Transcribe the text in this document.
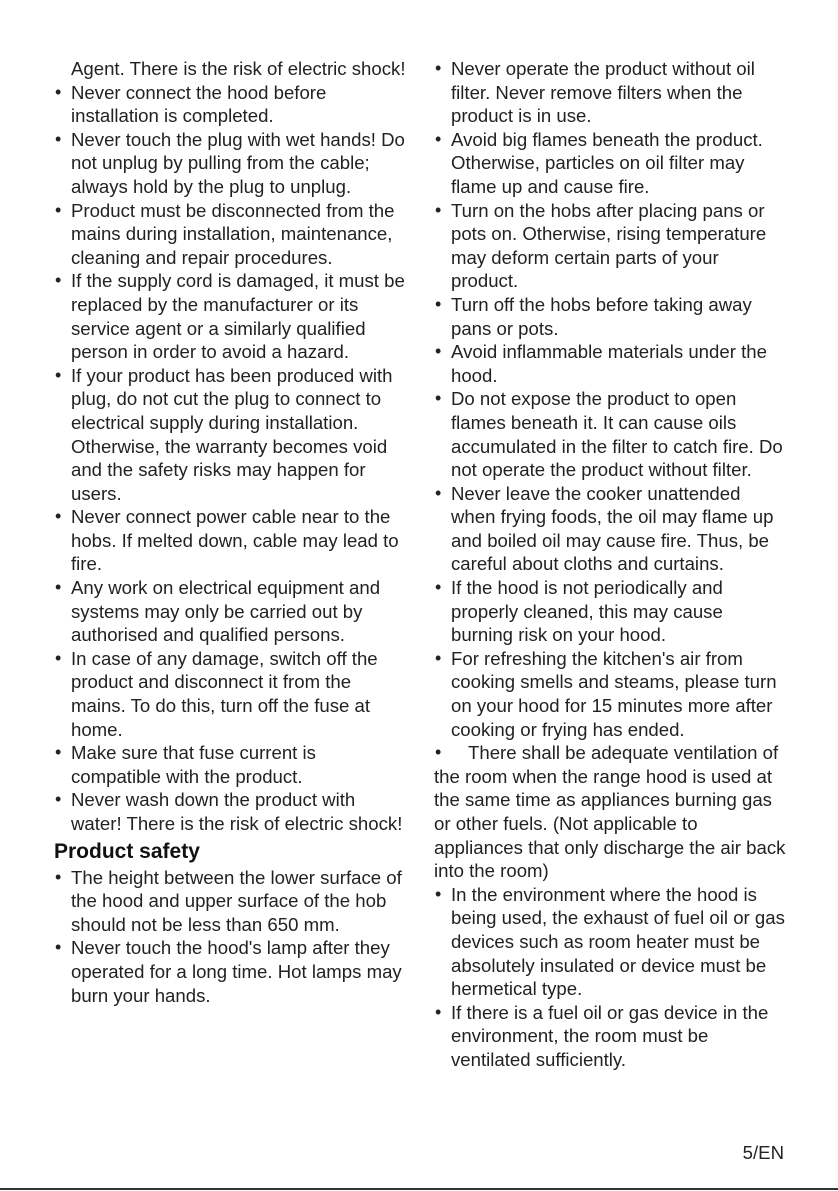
Agent. There is the risk of electric shock!

• Never connect the hood before installation is completed.
• Never touch the plug with wet hands! Do not unplug by pulling from the cable; always hold by the plug to unplug.
• Product must be disconnected from the mains during installation, maintenance, cleaning and repair procedures.
• If the supply cord is damaged, it must be replaced by the manufacturer or its service agent or a similarly qualified person in order to avoid a hazard.
• If your product has been produced with plug, do not cut the plug to connect to electrical supply during installation. Otherwise, the warranty becomes void and the safety risks may happen for users.
• Never connect power cable near to the hobs. If melted down, cable may lead to fire.
• Any work on electrical equipment and systems may only be carried out by authorised and qualified persons.
• In case of any damage, switch off the product and disconnect it from the mains. To do this, turn off the fuse at home.
• Make sure that fuse current is compatible with the product.
• Never wash down the product with water! There is the risk of electric shock!
Product safety
• The height between the lower surface of the hood and upper surface of the hob should not be less than 650 mm.
• Never touch the hood's lamp after they operated for a long time. Hot lamps may burn your hands.
• Never operate the product without oil filter. Never remove filters when the product is in use.
• Avoid big flames beneath the product. Otherwise, particles on oil filter may flame up and cause fire.
• Turn on the hobs after placing pans or pots on. Otherwise, rising temperature may deform certain parts of your product.
• Turn off the hobs before taking away pans or pots.
• Avoid inflammable materials under the hood.
• Do not expose the product to open flames beneath it. It can cause oils accumulated in the filter to catch fire. Do not operate the product without filter.
• Never leave the cooker unattended when frying foods, the oil may flame up and boiled oil may cause fire. Thus, be careful about cloths and curtains.
• If the hood is not periodically and properly cleaned, this may cause burning risk on your hood.
• For refreshing the kitchen's air from cooking smells and steams, please turn on your hood for 15 minutes more after cooking or frying has ended.
• There shall be adequate ventilation of the room when the range hood is used at the same time as appliances burning gas or other fuels. (Not applicable to appliances that only discharge the air back into the room)
• In the environment where the hood is being used, the exhaust of fuel oil or gas devices such as room heater must be absolutely insulated or device must be hermetical type.
• If there is a fuel oil or gas device in the environment, the room must be ventilated sufficiently.
5/EN
